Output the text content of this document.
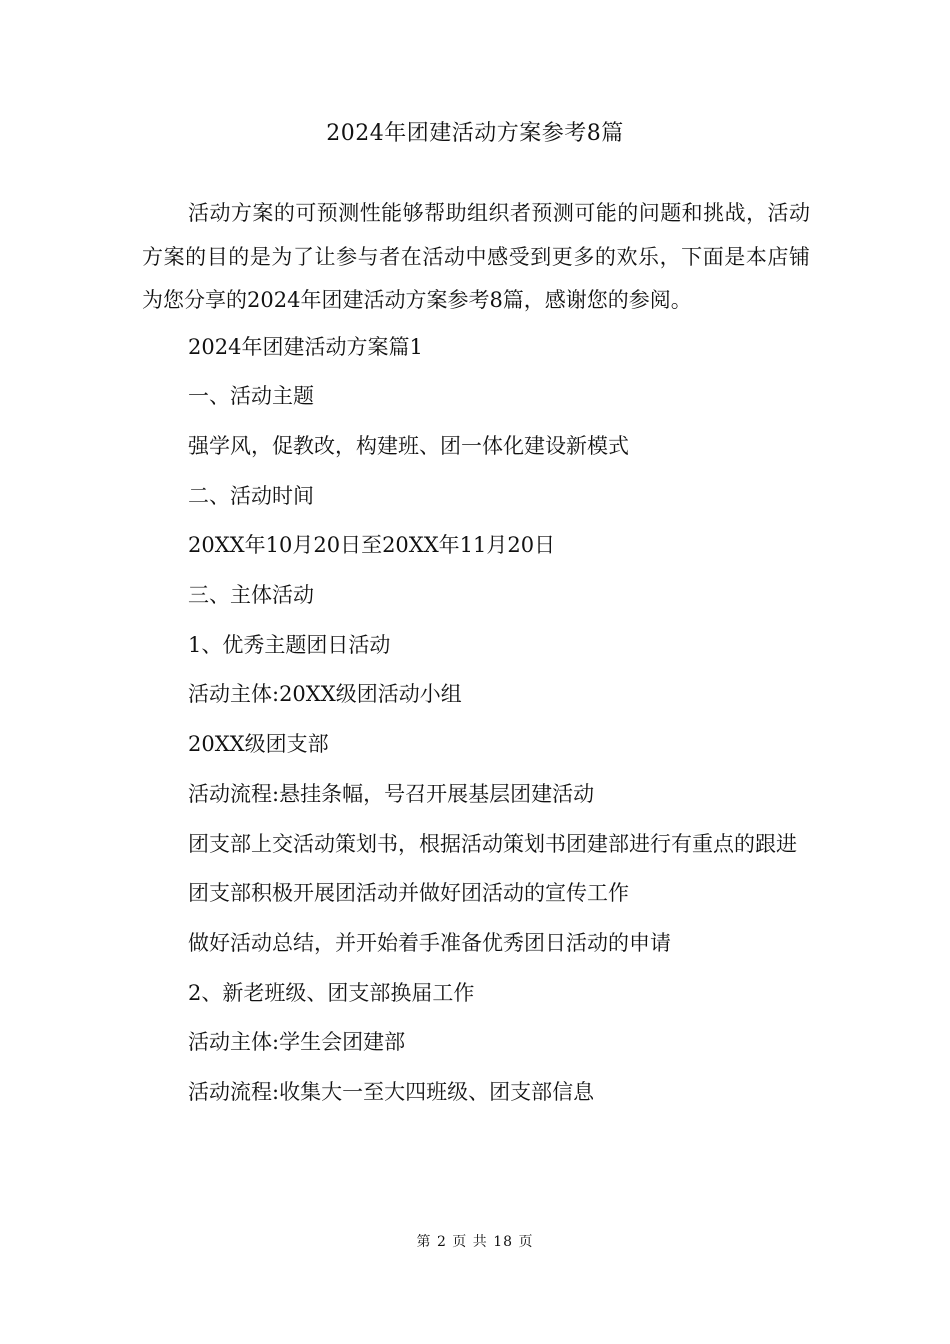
2024年团建活动方案参考8篇

活动方案的可预测性能够帮助组织者预测可能的问题和挑战，活动方案的目的是为了让参与者在活动中感受到更多的欢乐，下面是本店铺为您分享的2024年团建活动方案参考8篇，感谢您的参阅。

2024年团建活动方案篇1

一、活动主题

强学风，促教改，构建班、团一体化建设新模式

二、活动时间

20XX年10月20日至20XX年11月20日

三、主体活动

1、优秀主题团日活动

活动主体:20XX级团活动小组

20XX级团支部

活动流程:悬挂条幅，号召开展基层团建活动

团支部上交活动策划书，根据活动策划书团建部进行有重点的跟进

团支部积极开展团活动并做好团活动的宣传工作

做好活动总结，并开始着手准备优秀团日活动的申请

2、新老班级、团支部换届工作

活动主体:学生会团建部

活动流程:收集大一至大四班级、团支部信息

第 2 页 共 18 页
